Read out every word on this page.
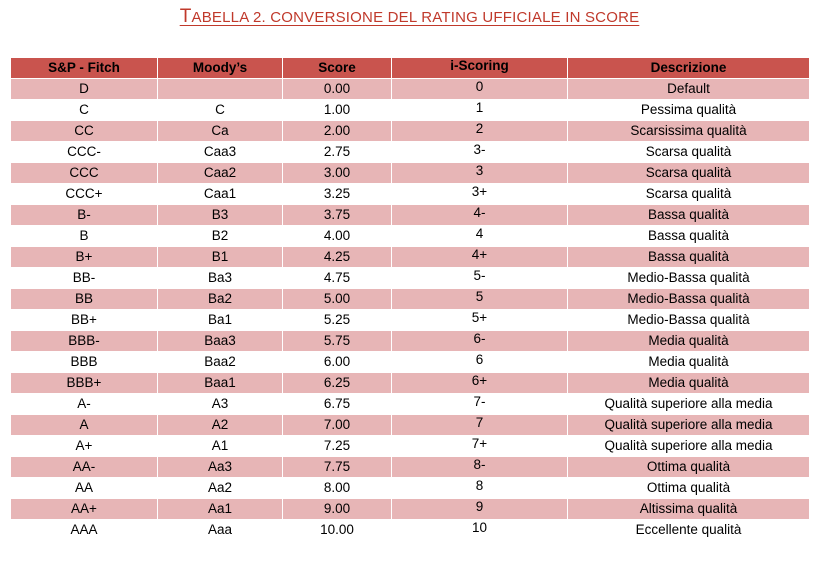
TABELLA 2. CONVERSIONE DEL RATING UFFICIALE IN SCORE
S&P - Fitch	Moody’s	Score	i-Scoring	Descrizione
D		0.00	0	Default
C	C	1.00	1	Pessima qualità
CC	Ca	2.00	2	Scarsissima qualità
CCC-	Caa3	2.75	3-	Scarsa qualità
CCC	Caa2	3.00	3	Scarsa qualità
CCC+	Caa1	3.25	3+	Scarsa qualità
B-	B3	3.75	4-	Bassa qualità
B	B2	4.00	4	Bassa qualità
B+	B1	4.25	4+	Bassa qualità
BB-	Ba3	4.75	5-	Medio-Bassa qualità
BB	Ba2	5.00	5	Medio-Bassa qualità
BB+	Ba1	5.25	5+	Medio-Bassa qualità
BBB-	Baa3	5.75	6-	Media qualità
BBB	Baa2	6.00	6	Media qualità
BBB+	Baa1	6.25	6+	Media qualità
A-	A3	6.75	7-	Qualità superiore alla media
A	A2	7.00	7	Qualità superiore alla media
A+	A1	7.25	7+	Qualità superiore alla media
AA-	Aa3	7.75	8-	Ottima qualità
AA	Aa2	8.00	8	Ottima qualità
AA+	Aa1	9.00	9	Altissima qualità
AAA	Aaa	10.00	10	Eccellente qualità
